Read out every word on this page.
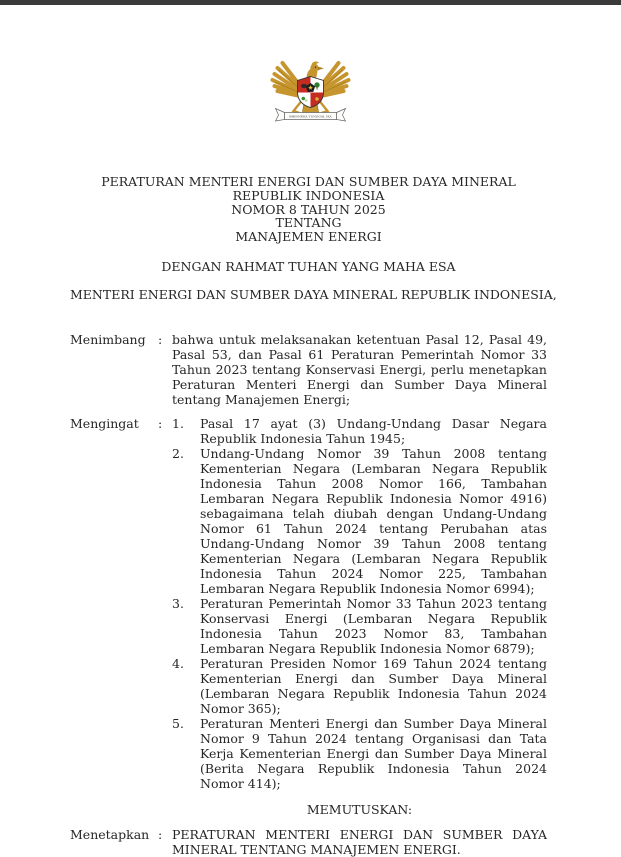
BHINNEKA TUNGGAL IKA
PERATURAN MENTERI ENERGI DAN SUMBER DAYA MINERAL
REPUBLIK INDONESIA
NOMOR 8 TAHUN 2025
TENTANG
MANAJEMEN ENERGI
DENGAN RAHMAT TUHAN YANG MAHA ESA
MENTERI ENERGI DAN SUMBER DAYA MINERAL REPUBLIK INDONESIA,
Menimbang : bahwa untuk melaksanakan ketentuan Pasal 12, Pasal 49, Pasal 53, dan Pasal 61 Peraturan Pemerintah Nomor 33 Tahun 2023 tentang Konservasi Energi, perlu menetapkan Peraturan Menteri Energi dan Sumber Daya Mineral tentang Manajemen Energi;
Mengingat	: 1.	Pasal 17 ayat (3) Undang-Undang Dasar Negara Republik Indonesia Tahun 1945;
2.	Undang-Undang Nomor 39 Tahun 2008 tentang Kementerian Negara (Lembaran Negara Republik Indonesia Tahun 2008 Nomor 166, Tambahan Lembaran Negara Republik Indonesia Nomor 4916) sebagaimana telah diubah dengan Undang-Undang Nomor 61 Tahun 2024 tentang Perubahan atas Undang-Undang Nomor 39 Tahun 2008 tentang Kementerian Negara (Lembaran Negara Republik Indonesia Tahun 2024 Nomor 225, Tambahan Lembaran Negara Republik Indonesia Nomor 6994);
3.	Peraturan Pemerintah Nomor 33 Tahun 2023 tentang Konservasi Energi (Lembaran Negara Republik Indonesia Tahun 2023 Nomor 83, Tambahan Lembaran Negara Republik Indonesia Nomor 6879);
4.	Peraturan Presiden Nomor 169 Tahun 2024 tentang Kementerian Energi dan Sumber Daya Mineral (Lembaran Negara Republik Indonesia Tahun 2024 Nomor 365);
5.	Peraturan Menteri Energi dan Sumber Daya Mineral Nomor 9 Tahun 2024 tentang Organisasi dan Tata Kerja Kementerian Energi dan Sumber Daya Mineral (Berita Negara Republik Indonesia Tahun 2024 Nomor 414);
MEMUTUSKAN:
Menetapkan : PERATURAN MENTERI ENERGI DAN SUMBER DAYA MINERAL TENTANG MANAJEMEN ENERGI.
